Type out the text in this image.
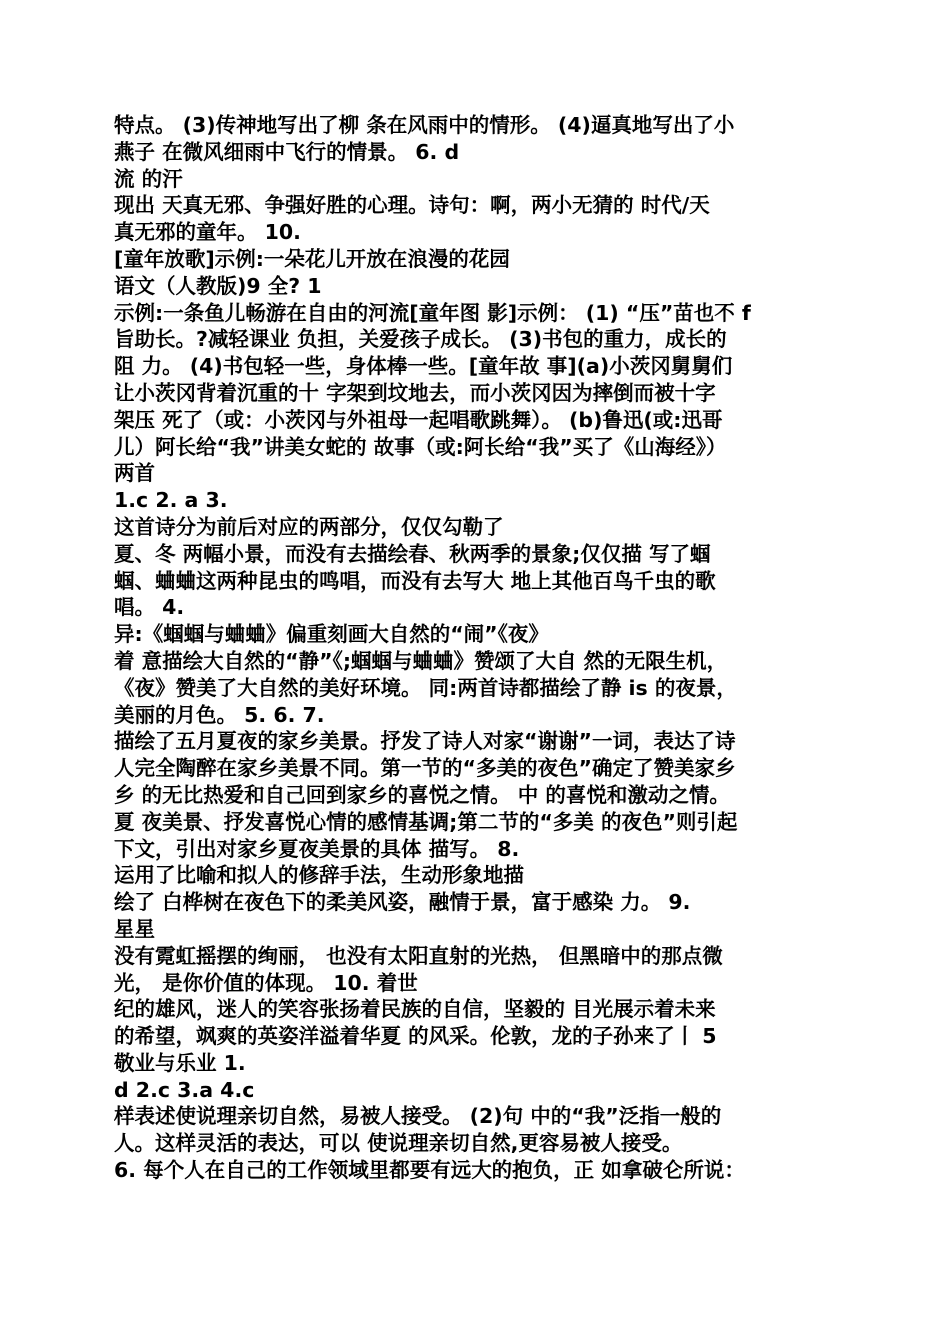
特点。 (3)传神地写出了柳 条在风雨中的情形。 (4)逼真地写出了小
燕子 在微风细雨中飞行的情景。 6. d
流 的汗
现出 天真无邪、争强好胜的心理。诗句：啊，两小无猜的 时代/天
真无邪的童年。 10.
[童年放歌]示例:一朵花儿开放在浪漫的花园
语文（人教版)9 全? 1
示例:一条鱼儿畅游在自由的河流[童年图 影]示例： (1) “压”苗也不 f
旨助长。?减轻课业 负担，关爱孩子成长。 (3)书包的重力，成长的
阻 力。 (4)书包轻一些，身体棒一些。[童年故 事](a)小茨冈舅舅们
让小茨冈背着沉重的十 字架到坟地去，而小茨冈因为摔倒而被十字
架压 死了（或：小茨冈与外祖母一起唱歌跳舞）。 (b)鲁迅(或:迅哥
儿）阿长给“我”讲美女蛇的 故事（或:阿长给“我”买了《山海经》）
两首
1.c 2. a 3.
这首诗分为前后对应的两部分，仅仅勾勒了
夏、冬 两幅小景，而没有去描绘春、秋两季的景象;仅仅描 写了蝈
蝈、蛐蛐这两种昆虫的鸣唱，而没有去写大 地上其他百鸟千虫的歌
唱。 4.
异:《蝈蝈与蛐蛐》偏重刻画大自然的“闹”《夜》
着 意描绘大自然的“静”《;蝈蝈与蛐蛐》赞颂了大自 然的无限生机，
《夜》赞美了大自然的美好环境。 同:两首诗都描绘了静 is 的夜景，
美丽的月色。 5. 6. 7.
描绘了五月夏夜的家乡美景。抒发了诗人对家“谢谢”一词，表达了诗
人完全陶醉在家乡美景不同。第一节的“多美的夜色”确定了赞美家乡
乡 的无比热爱和自己回到家乡的喜悦之情。 中 的喜悦和激动之情。
夏 夜美景、抒发喜悦心情的感情基调;第二节的“多美 的夜色”则引起
下文，引出对家乡夏夜美景的具体 描写。 8.
运用了比喻和拟人的修辞手法，生动形象地描
绘了 白桦树在夜色下的柔美风姿，融情于景，富于感染 力。 9.
星星
没有霓虹摇摆的绚丽， 也没有太阳直射的光热， 但黑暗中的那点微
光， 是你价值的体现。 10. 着世
纪的雄风，迷人的笑容张扬着民族的自信，坚毅的 目光展示着未来
的希望，飒爽的英姿洋溢着华夏 的风采。伦敦，龙的子孙来了丨 5
敬业与乐业 1.
d 2.c 3.a 4.c
样表述使说理亲切自然，易被人接受。 (2)句 中的“我”泛指一般的
人。这样灵活的表达，可以 使说理亲切自然,更容易被人接受。
6. 每个人在自己的工作领域里都要有远大的抱负，正 如拿破仑所说：
